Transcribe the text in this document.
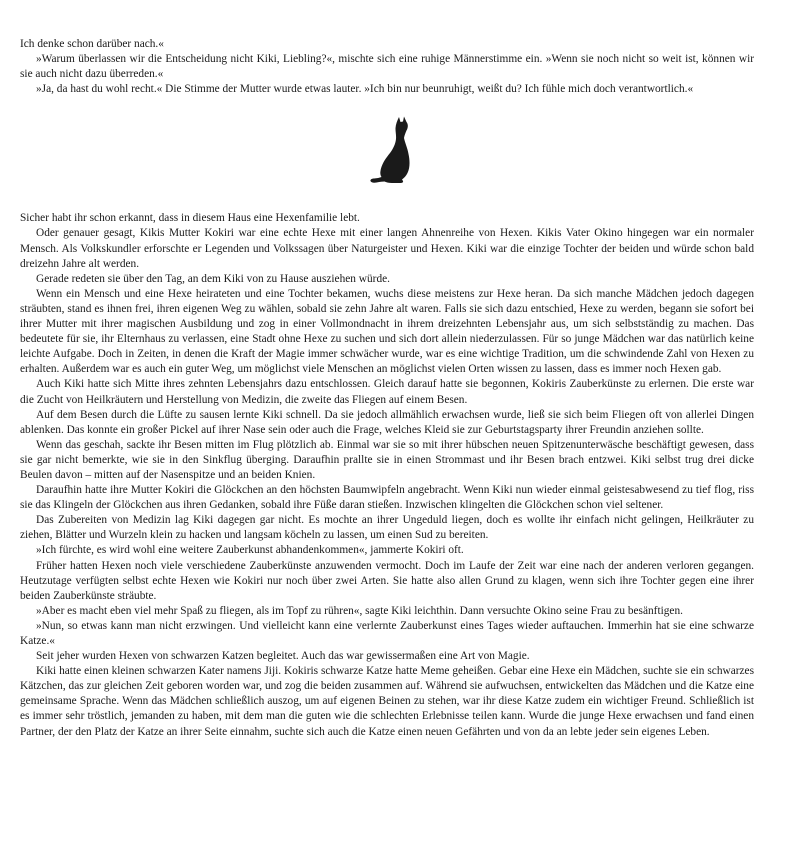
Ich denke schon darüber nach.«

»Warum überlassen wir die Entscheidung nicht Kiki, Liebling?«, mischte sich eine ruhige Männerstimme ein. »Wenn sie noch nicht so weit ist, können wir sie auch nicht dazu überreden.«

»Ja, da hast du wohl recht.« Die Stimme der Mutter wurde etwas lauter. »Ich bin nur beunruhigt, weißt du? Ich fühle mich doch verantwortlich.«

Sicher habt ihr schon erkannt, dass in diesem Haus eine Hexenfamilie lebt.

Oder genauer gesagt, Kikis Mutter Kokiri war eine echte Hexe mit einer langen Ahnenreihe von Hexen. Kikis Vater Okino hingegen war ein normaler Mensch. Als Volkskundler erforschte er Legenden und Volkssagen über Naturgeister und Hexen. Kiki war die einzige Tochter der beiden und würde schon bald dreizehn Jahre alt werden.

Gerade redeten sie über den Tag, an dem Kiki von zu Hause ausziehen würde.

Wenn ein Mensch und eine Hexe heirateten und eine Tochter bekamen, wuchs diese meistens zur Hexe heran. Da sich manche Mädchen jedoch dagegen sträubten, stand es ihnen frei, ihren eigenen Weg zu wählen, sobald sie zehn Jahre alt waren. Falls sie sich dazu entschied, Hexe zu werden, begann sie sofort bei ihrer Mutter mit ihrer magischen Ausbildung und zog in einer Vollmondnacht in ihrem dreizehnten Lebensjahr aus, um sich selbstständig zu machen. Das bedeutete für sie, ihr Elternhaus zu verlassen, eine Stadt ohne Hexe zu suchen und sich dort allein niederzulassen. Für so junge Mädchen war das natürlich keine leichte Aufgabe. Doch in Zeiten, in denen die Kraft der Magie immer schwächer wurde, war es eine wichtige Tradition, um die schwindende Zahl von Hexen zu erhalten. Außerdem war es auch ein guter Weg, um möglichst viele Menschen an möglichst vielen Orten wissen zu lassen, dass es immer noch Hexen gab.

Auch Kiki hatte sich Mitte ihres zehnten Lebensjahrs dazu entschlossen. Gleich darauf hatte sie begonnen, Kokiris Zauberkünste zu erlernen. Die erste war die Zucht von Heilkräutern und Herstellung von Medizin, die zweite das Fliegen auf einem Besen.

Auf dem Besen durch die Lüfte zu sausen lernte Kiki schnell. Da sie jedoch allmählich erwachsen wurde, ließ sie sich beim Fliegen oft von allerlei Dingen ablenken. Das konnte ein großer Pickel auf ihrer Nase sein oder auch die Frage, welches Kleid sie zur Geburtstagsparty ihrer Freundin anziehen sollte.

Wenn das geschah, sackte ihr Besen mitten im Flug plötzlich ab. Einmal war sie so mit ihrer hübschen neuen Spitzenunterwäsche beschäftigt gewesen, dass sie gar nicht bemerkte, wie sie in den Sinkflug überging. Daraufhin prallte sie in einen Strommast und ihr Besen brach entzwei. Kiki selbst trug drei dicke Beulen davon – mitten auf der Nasenspitze und an beiden Knien.

Daraufhin hatte ihre Mutter Kokiri die Glöckchen an den höchsten Baumwipfeln angebracht. Wenn Kiki nun wieder einmal geistesabwesend zu tief flog, riss sie das Klingeln der Glöckchen aus ihren Gedanken, sobald ihre Füße daran stießen. Inzwischen klingelten die Glöckchen schon viel seltener.

Das Zubereiten von Medizin lag Kiki dagegen gar nicht. Es mochte an ihrer Ungeduld liegen, doch es wollte ihr einfach nicht gelingen, Heilkräuter zu ziehen, Blätter und Wurzeln klein zu hacken und langsam köcheln zu lassen, um einen Sud zu bereiten.

»Ich fürchte, es wird wohl eine weitere Zauberkunst abhandenkommen«, jammerte Kokiri oft.

Früher hatten Hexen noch viele verschiedene Zauberkünste anzuwenden vermocht. Doch im Laufe der Zeit war eine nach der anderen verloren gegangen. Heutzutage verfügten selbst echte Hexen wie Kokiri nur noch über zwei Arten. Sie hatte also allen Grund zu klagen, wenn sich ihre Tochter gegen eine ihrer beiden Zauberkünste sträubte.

»Aber es macht eben viel mehr Spaß zu fliegen, als im Topf zu rühren«, sagte Kiki leichthin. Dann versuchte Okino seine Frau zu besänftigen.

»Nun, so etwas kann man nicht erzwingen. Und vielleicht kann eine verlernte Zauberkunst eines Tages wieder auftauchen. Immerhin hat sie eine schwarze Katze.«

Seit jeher wurden Hexen von schwarzen Katzen begleitet. Auch das war gewissermaßen eine Art von Magie.

Kiki hatte einen kleinen schwarzen Kater namens Jiji. Kokiris schwarze Katze hatte Meme geheißen. Gebar eine Hexe ein Mädchen, suchte sie ein schwarzes Kätzchen, das zur gleichen Zeit geboren worden war, und zog die beiden zusammen auf. Während sie aufwuchsen, entwickelten das Mädchen und die Katze eine gemeinsame Sprache. Wenn das Mädchen schließlich auszog, um auf eigenen Beinen zu stehen, war ihr diese Katze zudem ein wichtiger Freund. Schließlich ist es immer sehr tröstlich, jemanden zu haben, mit dem man die guten wie die schlechten Erlebnisse teilen kann. Wurde die junge Hexe erwachsen und fand einen Partner, der den Platz der Katze an ihrer Seite einnahm, suchte sich auch die Katze einen neuen Gefährten und von da an lebte jeder sein eigenes Leben.
